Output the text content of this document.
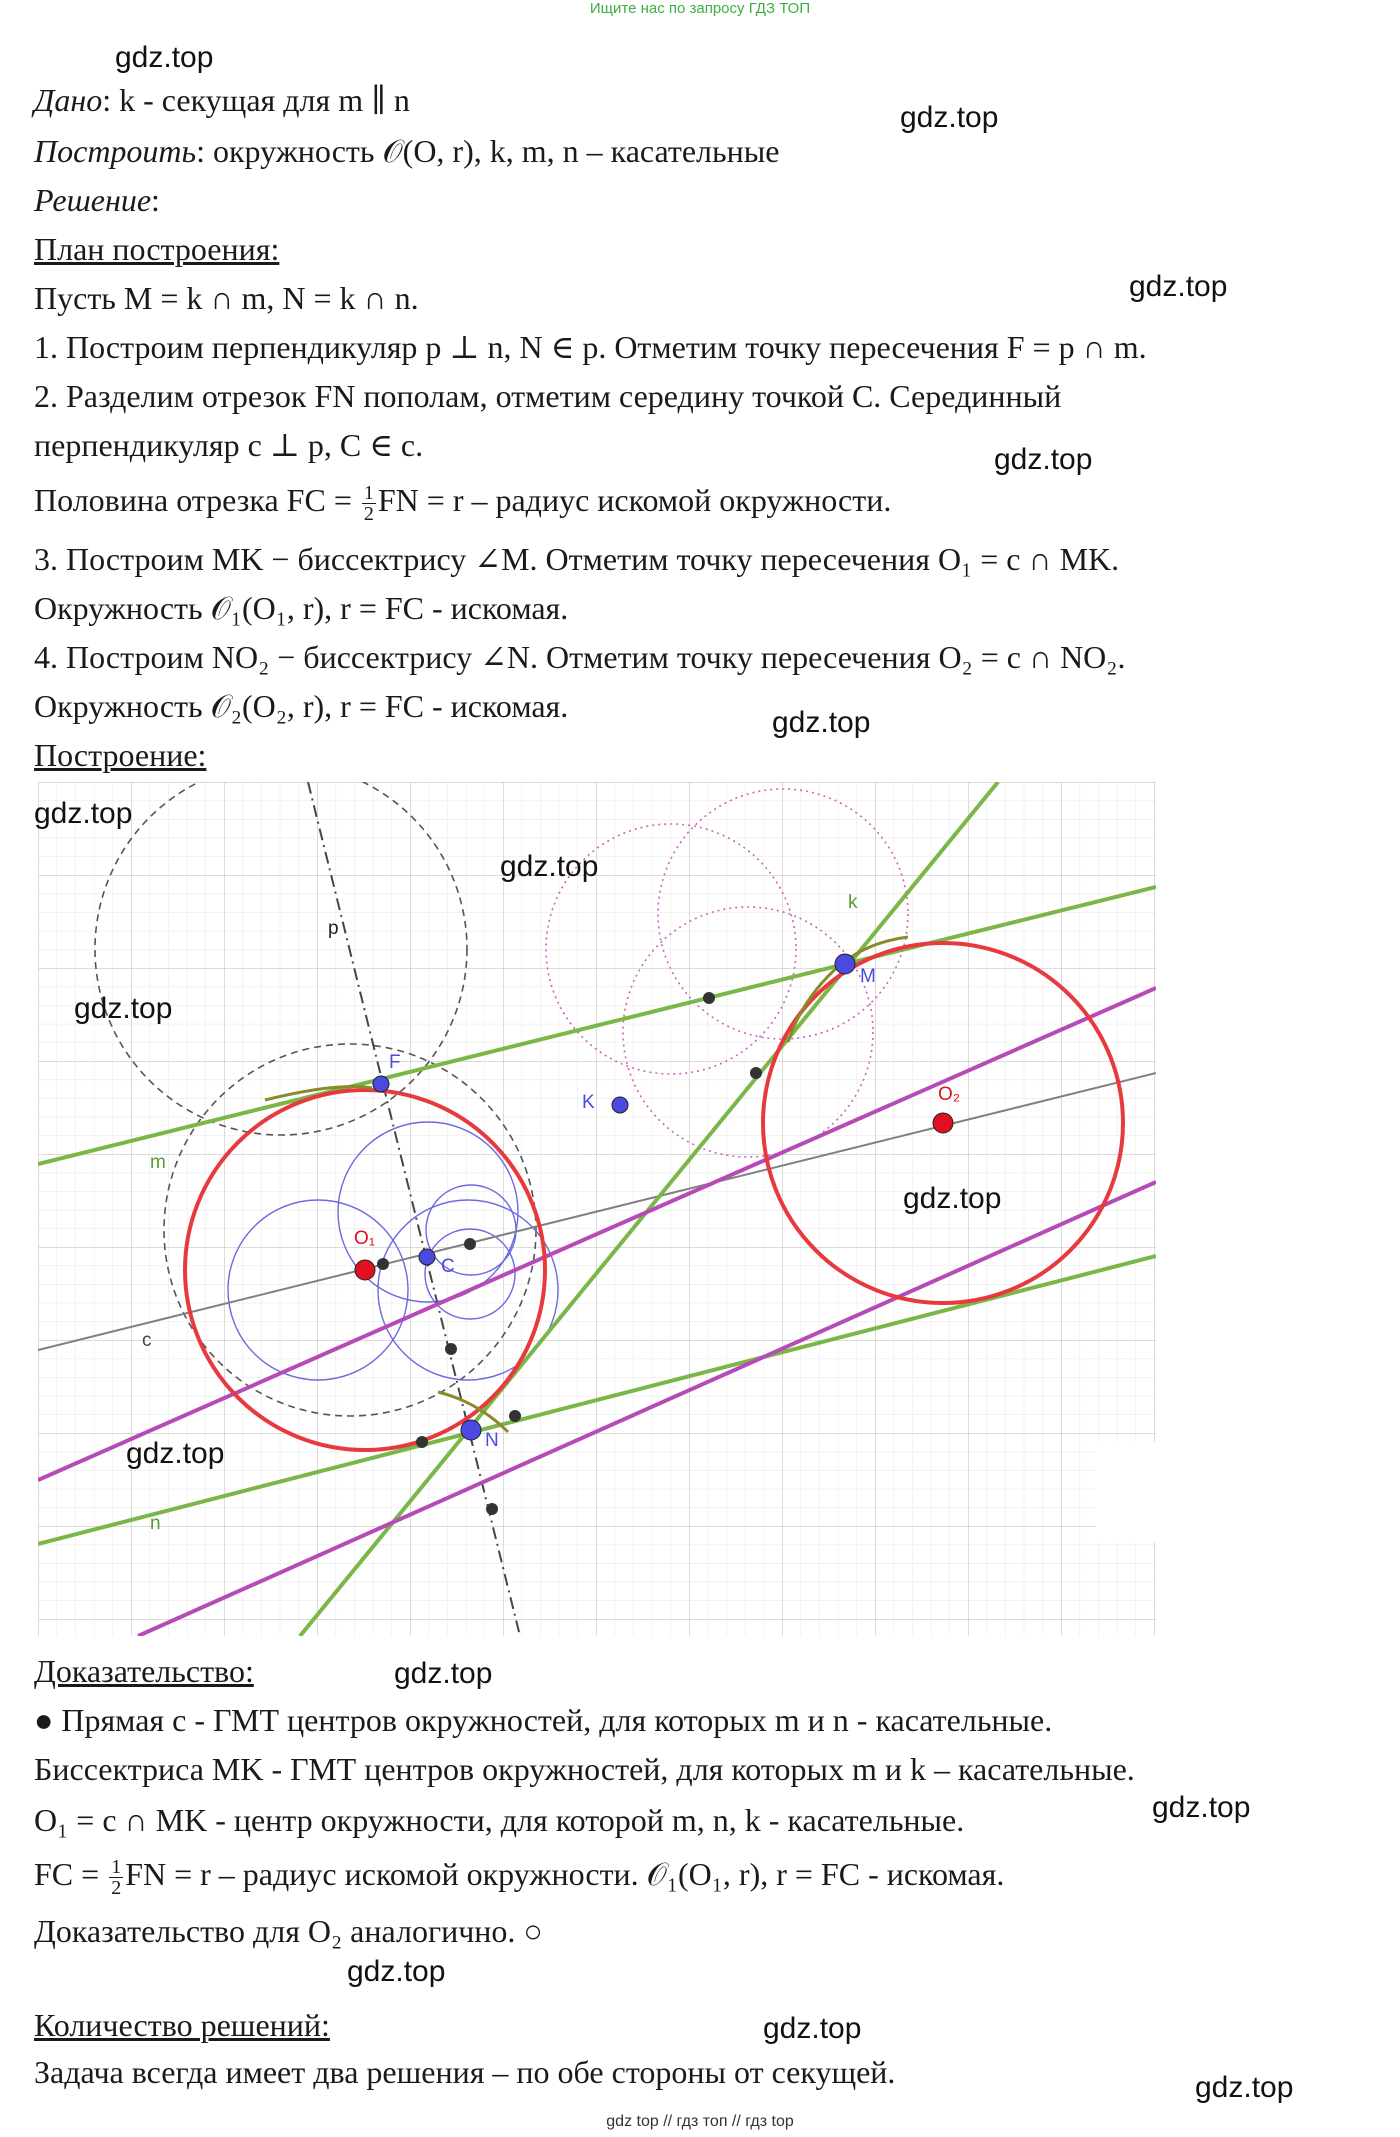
Ищите нас по запросу ГДЗ ТОП
Дано: k - секущая для m ∥ n
Построить: окружность 𝒪(O, r), k, m, n – касательные
Решение:
План построения:
Пусть M = k ∩ m, N = k ∩ n.
1. Построим перпендикуляр p ⊥ n, N ∈ p. Отметим точку пересечения F = p ∩ m.
2. Разделим отрезок FN пополам, отметим середину точкой C. Серединный
перпендикуляр c ⊥ p, C ∈ c.
Половина отрезка FC = $\frac{1}{2}$ FN = r – радиус искомой окружности.
3. Построим MK − биссектрису ∠M. Отметим точку пересечения O₁ = c ∩ MK.
Окружность 𝒪₁(O₁, r), r = FC - искомая.
4. Построим NO₂ − биссектрису ∠N. Отметим точку пересечения O₂ = c ∩ NO₂.
Окружность 𝒪₂(O₂, r), r = FC - искомая.
Построение:
p
F
m
K
M
k
O₁
O₂
C
c
N
n
Доказательство:
● Прямая c - ГМТ центров окружностей, для которых m и n - касательные.
Биссектриса MK - ГМТ центров окружностей, для которых m и k – касательные.
O₁ = c ∩ MK - центр окружности, для которой m, n, k - касательные.
FC = $\frac{1}{2}$ FN = r – радиус искомой окружности. 𝒪₁(O₁, r), r = FC - искомая.
Доказательство для O₂ аналогично. ○
Количество решений:
Задача всегда имеет два решения – по обе стороны от секущей.
gdz.top
gdz.top
gdz.top
gdz.top
gdz.top
gdz.top
gdz.top
gdz.top
gdz.top
gdz.top
gdz.top
gdz.top
gdz.top
gdz.top
gdz.top
gdz top // гдз топ // гдз top
